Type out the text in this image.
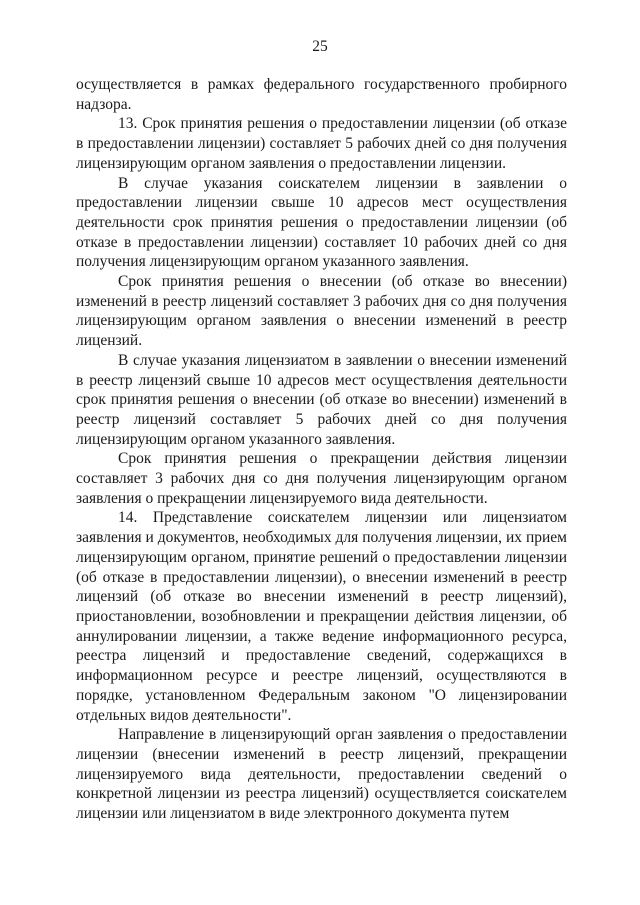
25

осуществляется в рамках федерального государственного пробирного надзора.

13. Срок принятия решения о предоставлении лицензии (об отказе в предоставлении лицензии) составляет 5 рабочих дней со дня получения лицензирующим органом заявления о предоставлении лицензии.

В случае указания соискателем лицензии в заявлении о предоставлении лицензии свыше 10 адресов мест осуществления деятельности срок принятия решения о предоставлении лицензии (об отказе в предоставлении лицензии) составляет 10 рабочих дней со дня получения лицензирующим органом указанного заявления.

Срок принятия решения о внесении (об отказе во внесении) изменений в реестр лицензий составляет 3 рабочих дня со дня получения лицензирующим органом заявления о внесении изменений в реестр лицензий.

В случае указания лицензиатом в заявлении о внесении изменений в реестр лицензий свыше 10 адресов мест осуществления деятельности срок принятия решения о внесении (об отказе во внесении) изменений в реестр лицензий составляет 5 рабочих дней со дня получения лицензирующим органом указанного заявления.

Срок принятия решения о прекращении действия лицензии составляет 3 рабочих дня со дня получения лицензирующим органом заявления о прекращении лицензируемого вида деятельности.

14. Представление соискателем лицензии или лицензиатом заявления и документов, необходимых для получения лицензии, их прием лицензирующим органом, принятие решений о предоставлении лицензии (об отказе в предоставлении лицензии), о внесении изменений в реестр лицензий (об отказе во внесении изменений в реестр лицензий), приостановлении, возобновлении и прекращении действия лицензии, об аннулировании лицензии, а также ведение информационного ресурса, реестра лицензий и предоставление сведений, содержащихся в информационном ресурсе и реестре лицензий, осуществляются в порядке, установленном Федеральным законом "О лицензировании отдельных видов деятельности".

Направление в лицензирующий орган заявления о предоставлении лицензии (внесении изменений в реестр лицензий, прекращении лицензируемого вида деятельности, предоставлении сведений о конкретной лицензии из реестра лицензий) осуществляется соискателем лицензии или лицензиатом в виде электронного документа путем
